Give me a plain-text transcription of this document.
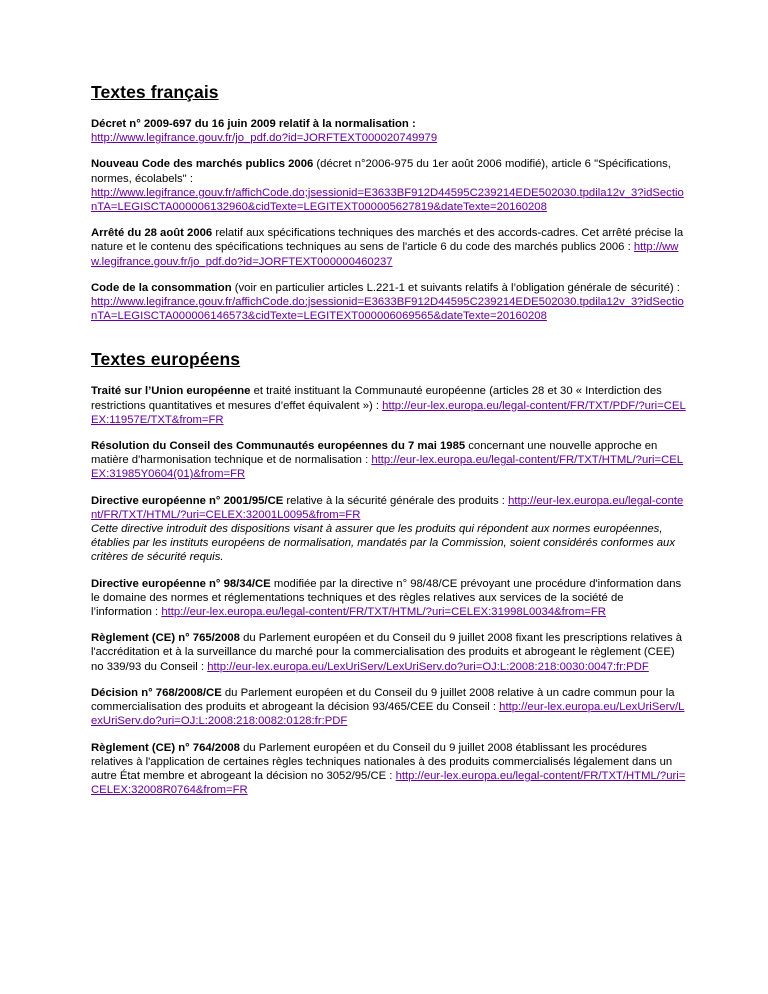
Textes français

Décret n° 2009-697 du 16 juin 2009 relatif à la normalisation :
http://www.legifrance.gouv.fr/jo_pdf.do?id=JORFTEXT000020749979

Nouveau Code des marchés publics 2006 (décret n°2006-975 du 1er août 2006 modifié), article 6 "Spécifications, normes, écolabels" :
http://www.legifrance.gouv.fr/affichCode.do;jsessionid=E3633BF912D44595C239214EDE502030.tpdila12v_3?idSectionTA=LEGISCTA000006132960&cidTexte=LEGITEXT000005627819&dateTexte=20160208

Arrêté du 28 août 2006 relatif aux spécifications techniques des marchés et des accords-cadres. Cet arrêté précise la nature et le contenu des spécifications techniques au sens de l'article 6 du code des marchés publics 2006 : http://www.legifrance.gouv.fr/jo_pdf.do?id=JORFTEXT000000460237

Code de la consommation (voir en particulier articles L.221-1 et suivants relatifs à l’obligation générale de sécurité) :
http://www.legifrance.gouv.fr/affichCode.do;jsessionid=E3633BF912D44595C239214EDE502030.tpdila12v_3?idSectionTA=LEGISCTA000006146573&cidTexte=LEGITEXT000006069565&dateTexte=20160208

Textes européens

Traité sur l’Union européenne et traité instituant la Communauté européenne (articles 28 et 30 « Interdiction des restrictions quantitatives et mesures d’effet équivalent ») : http://eur-lex.europa.eu/legal-content/FR/TXT/PDF/?uri=CELEX:11957E/TXT&from=FR

Résolution du Conseil des Communautés européennes du 7 mai 1985 concernant une nouvelle approche en matière d'harmonisation technique et de normalisation : http://eur-lex.europa.eu/legal-content/FR/TXT/HTML/?uri=CELEX:31985Y0604(01)&from=FR

Directive européenne n° 2001/95/CE relative à la sécurité générale des produits : http://eur-lex.europa.eu/legal-content/FR/TXT/HTML/?uri=CELEX:32001L0095&from=FR
Cette directive introduit des dispositions visant à assurer que les produits qui répondent aux normes européennes, établies par les instituts européens de normalisation, mandatés par la Commission, soient considérés conformes aux critères de sécurité requis.

Directive européenne n° 98/34/CE modifiée par la directive n° 98/48/CE prévoyant une procédure d'information dans le domaine des normes et réglementations techniques et des règles relatives aux services de la société de l’information : http://eur-lex.europa.eu/legal-content/FR/TXT/HTML/?uri=CELEX:31998L0034&from=FR

Règlement (CE) n° 765/2008 du Parlement européen et du Conseil du 9 juillet 2008 fixant les prescriptions relatives à l'accréditation et à la surveillance du marché pour la commercialisation des produits et abrogeant le règlement (CEE) no 339/93 du Conseil : http://eur-lex.europa.eu/LexUriServ/LexUriServ.do?uri=OJ:L:2008:218:0030:0047:fr:PDF

Décision n° 768/2008/CE du Parlement européen et du Conseil du 9 juillet 2008 relative à un cadre commun pour la commercialisation des produits et abrogeant la décision 93/465/CEE du Conseil : http://eur-lex.europa.eu/LexUriServ/LexUriServ.do?uri=OJ:L:2008:218:0082:0128:fr:PDF

Règlement (CE) n° 764/2008 du Parlement européen et du Conseil du 9 juillet 2008 établissant les procédures relatives à l'application de certaines règles techniques nationales à des produits commercialisés légalement dans un autre État membre et abrogeant la décision no 3052/95/CE : http://eur-lex.europa.eu/legal-content/FR/TXT/HTML/?uri=CELEX:32008R0764&from=FR
